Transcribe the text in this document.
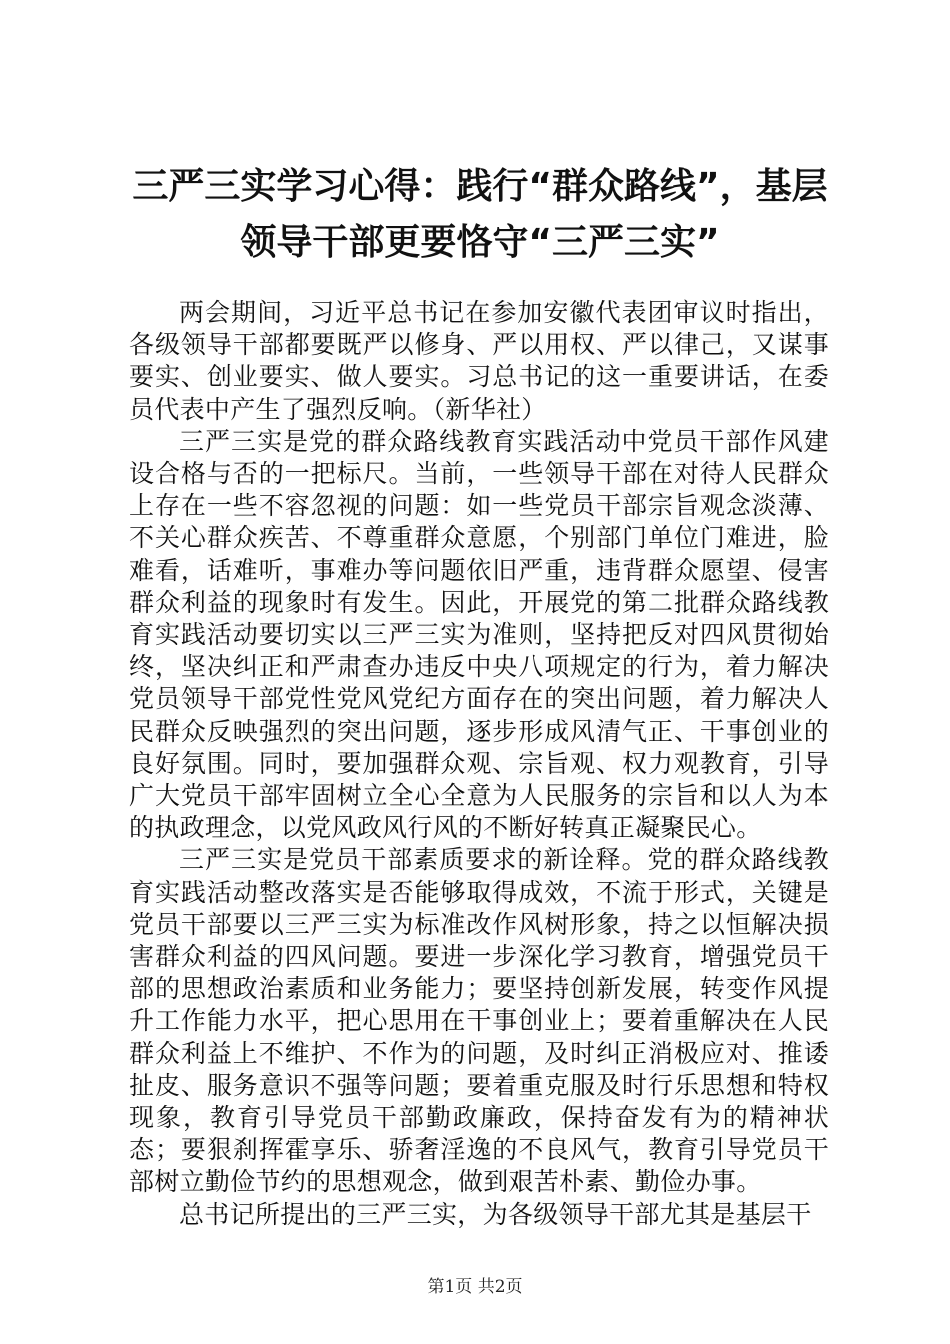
三严三实学习心得：践行“群众路线”，基层
领导干部更要恪守“三严三实”

两会期间，习近平总书记在参加安徽代表团审议时指出，各级领导干部都要既严以修身、严以用权、严以律己，又谋事要实、创业要实、做人要实。习总书记的这一重要讲话，在委员代表中产生了强烈反响。（新华社）

三严三实是党的群众路线教育实践活动中党员干部作风建设合格与否的一把标尺。当前，一些领导干部在对待人民群众上存在一些不容忽视的问题：如一些党员干部宗旨观念淡薄、不关心群众疾苦、不尊重群众意愿，个别部门单位门难进，脸难看，话难听，事难办等问题依旧严重，违背群众愿望、侵害群众利益的现象时有发生。因此，开展党的第二批群众路线教育实践活动要切实以三严三实为准则，坚持把反对四风贯彻始终，坚决纠正和严肃查办违反中央八项规定的行为，着力解决党员领导干部党性党风党纪方面存在的突出问题，着力解决人民群众反映强烈的突出问题，逐步形成风清气正、干事创业的良好氛围。同时，要加强群众观、宗旨观、权力观教育，引导广大党员干部牢固树立全心全意为人民服务的宗旨和以人为本的执政理念，以党风政风行风的不断好转真正凝聚民心。

三严三实是党员干部素质要求的新诠释。党的群众路线教育实践活动整改落实是否能够取得成效，不流于形式，关键是党员干部要以三严三实为标准改作风树形象，持之以恒解决损害群众利益的四风问题。要进一步深化学习教育，增强党员干部的思想政治素质和业务能力；要坚持创新发展，转变作风提升工作能力水平，把心思用在干事创业上；要着重解决在人民群众利益上不维护、不作为的问题，及时纠正消极应对、推诿扯皮、服务意识不强等问题；要着重克服及时行乐思想和特权现象，教育引导党员干部勤政廉政，保持奋发有为的精神状态；要狠刹挥霍享乐、骄奢淫逸的不良风气，教育引导党员干部树立勤俭节约的思想观念，做到艰苦朴素、勤俭办事。

总书记所提出的三严三实，为各级领导干部尤其是基层干

第1页 共2页
